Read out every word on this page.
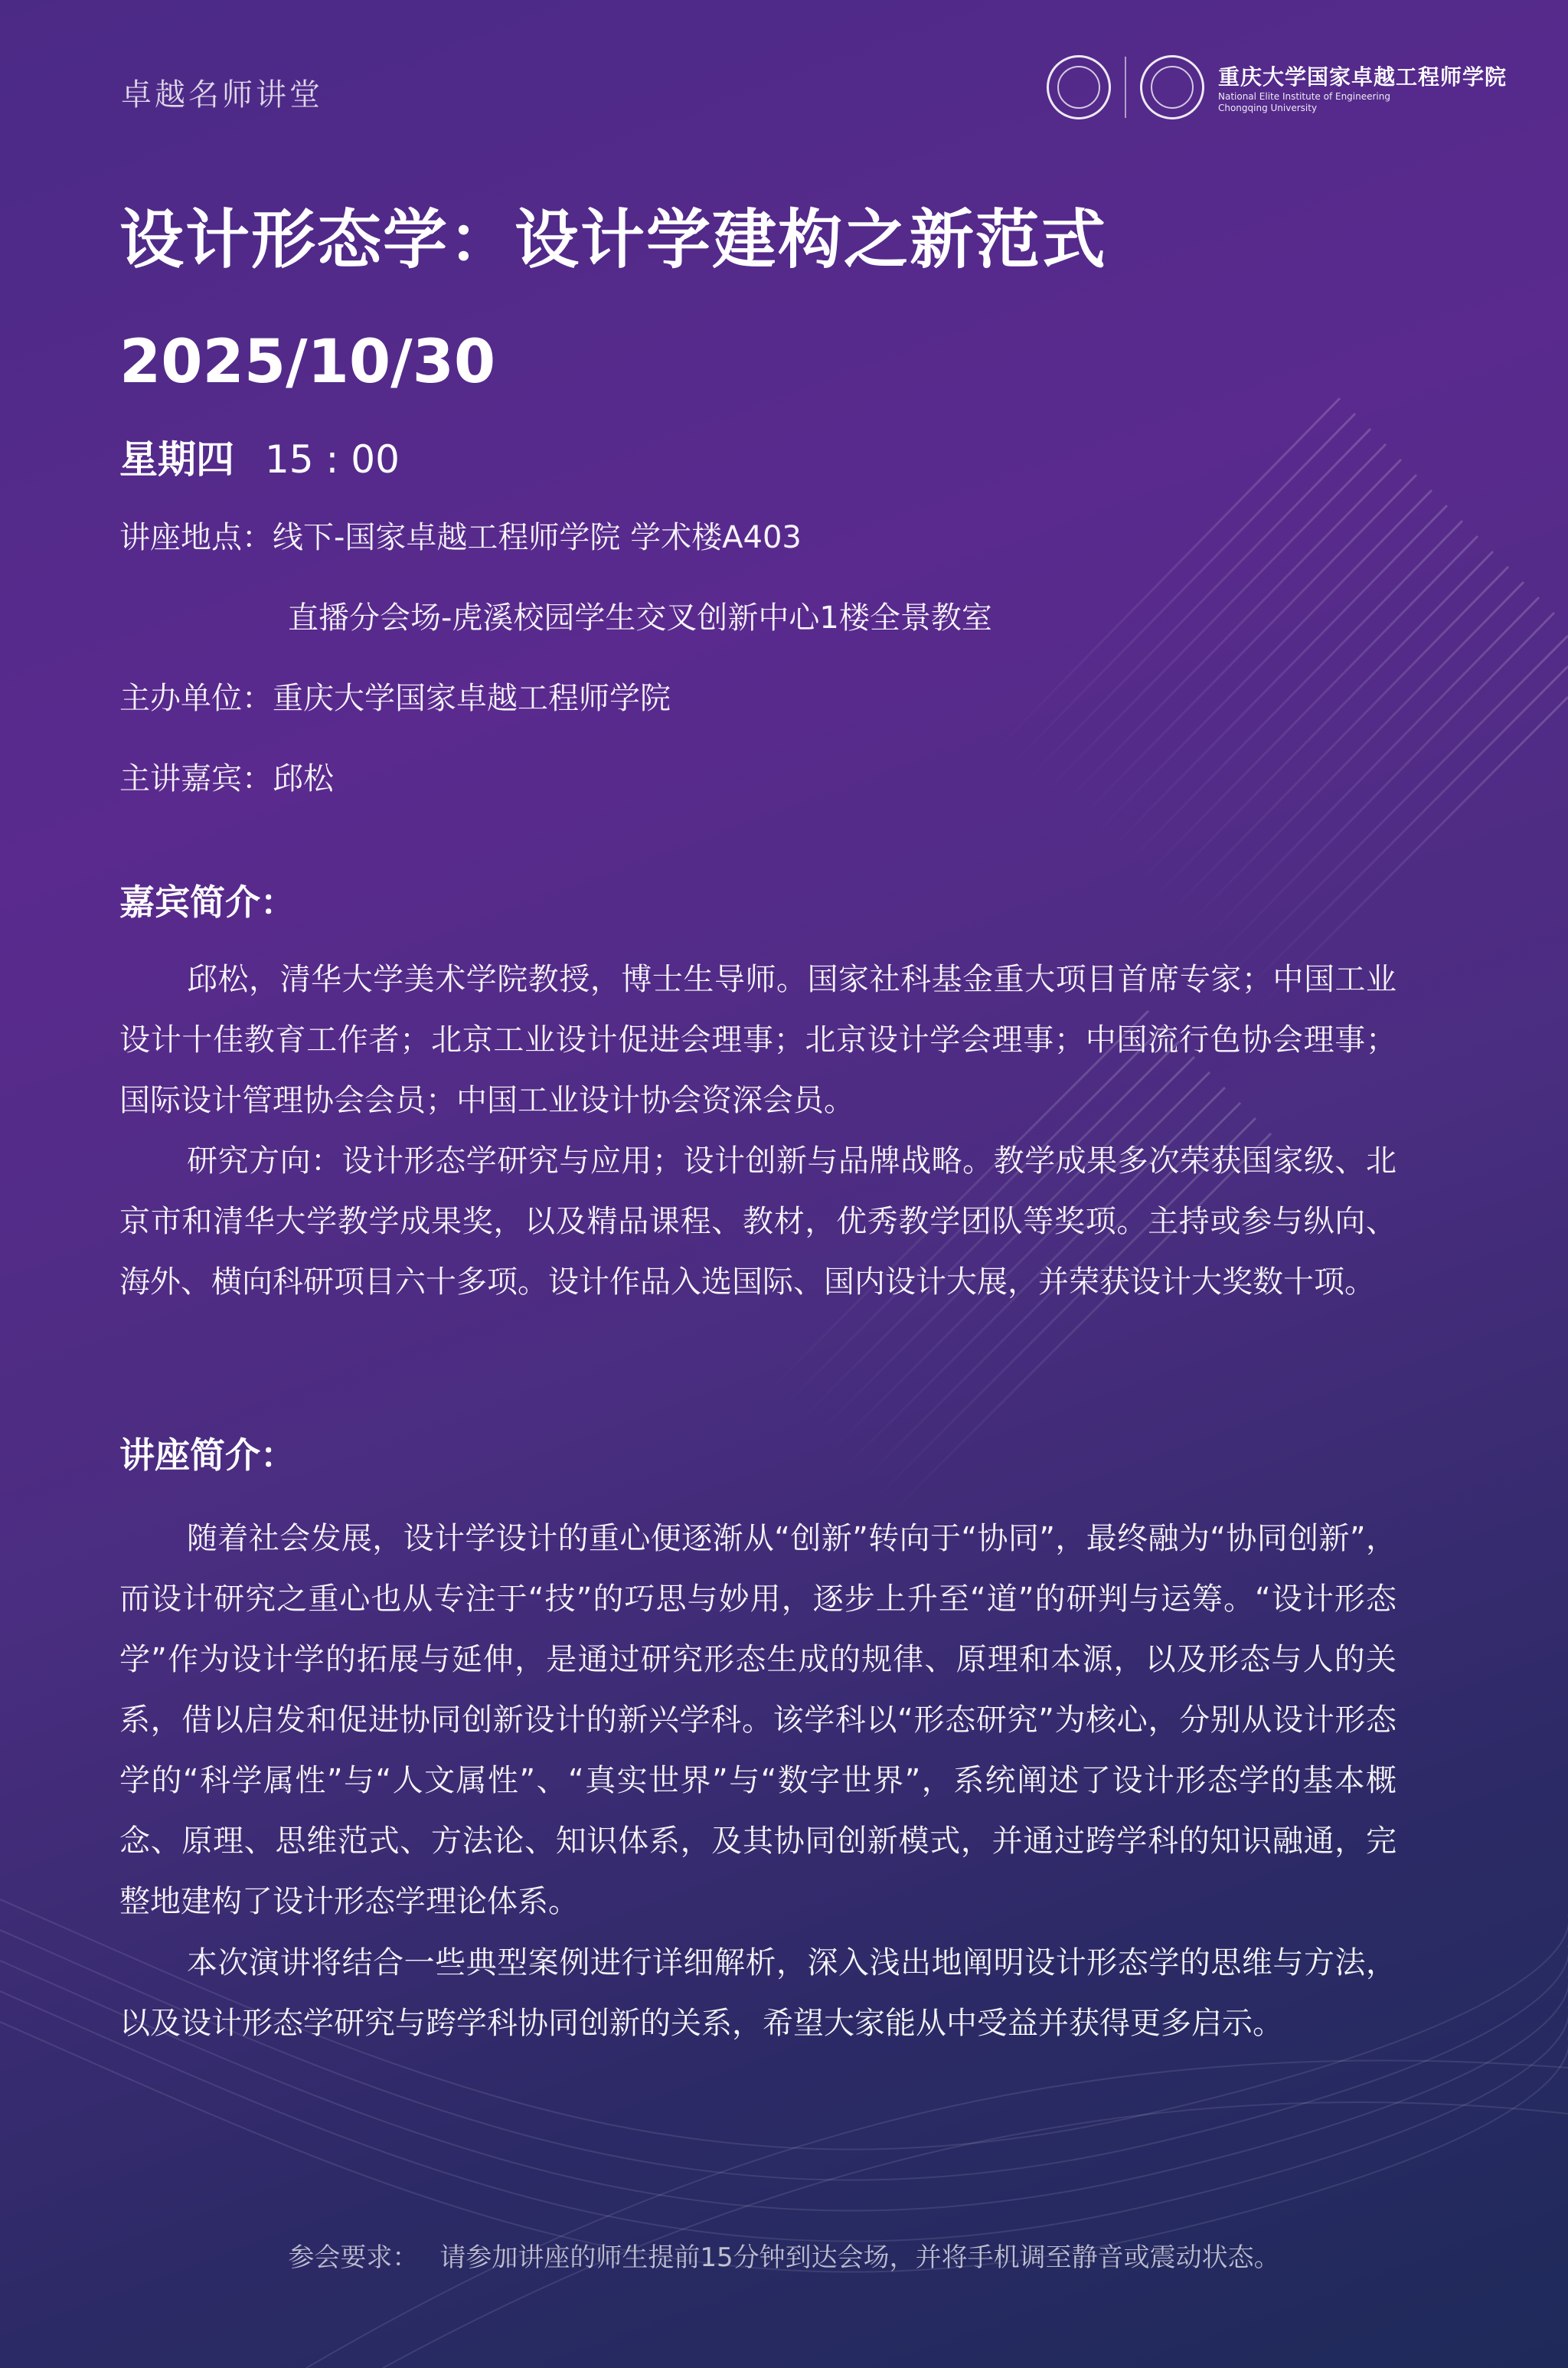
卓越名师讲堂
重庆大学国家卓越工程师学院
National Elite Institute of Engineering
Chongqing University
设计形态学：设计学建构之新范式
2025/10/30
星期四 15 : 00
讲座地点：线下-国家卓越工程师学院 学术楼A403
直播分会场-虎溪校园学生交叉创新中心1楼全景教室
主办单位：重庆大学国家卓越工程师学院
主讲嘉宾：邱松
嘉宾简介：

邱松，清华大学美术学院教授，博士生导师。国家社科基金重大项目首席专家；中国工业设计十佳教育工作者；北京工业设计促进会理事；北京设计学会理事；中国流行色协会理事；国际设计管理协会会员；中国工业设计协会资深会员。

研究方向：设计形态学研究与应用；设计创新与品牌战略。教学成果多次荣获国家级、北京市和清华大学教学成果奖，以及精品课程、教材，优秀教学团队等奖项。主持或参与纵向、海外、横向科研项目六十多项。设计作品入选国际、国内设计大展，并荣获设计大奖数十项。

讲座简介：

随着社会发展，设计学设计的重心便逐渐从“创新”转向于“协同”，最终融为“协同创新”，而设计研究之重心也从专注于“技”的巧思与妙用，逐步上升至“道”的研判与运筹。“设计形态学”作为设计学的拓展与延伸，是通过研究形态生成的规律、原理和本源，以及形态与人的关系，借以启发和促进协同创新设计的新兴学科。该学科以“形态研究”为核心，分别从设计形态学的“科学属性”与“人文属性”、“真实世界”与“数字世界”，系统阐述了设计形态学的基本概念、原理、思维范式、方法论、知识体系，及其协同创新模式，并通过跨学科的知识融通，完整地建构了设计形态学理论体系。

本次演讲将结合一些典型案例进行详细解析，深入浅出地阐明设计形态学的思维与方法，以及设计形态学研究与跨学科协同创新的关系，希望大家能从中受益并获得更多启示。

参会要求： 请参加讲座的师生提前15分钟到达会场，并将手机调至静音或震动状态。
